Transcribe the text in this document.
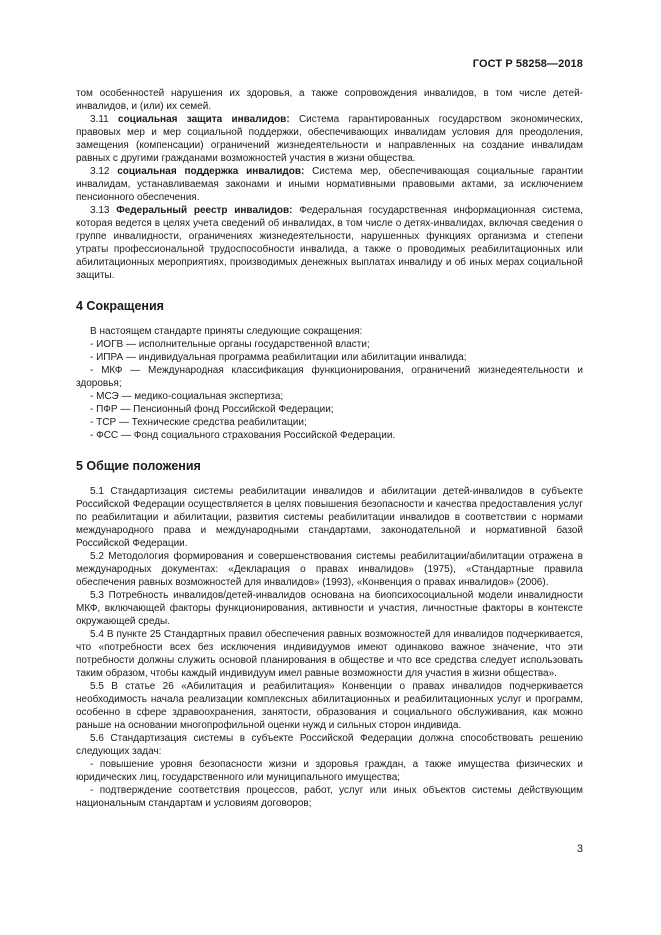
ГОСТ Р 58258—2018

том особенностей нарушения их здоровья, а также сопровождения инвалидов, в том числе детей-инвалидов, и (или) их семей.

3.11 социальная защита инвалидов: Система гарантированных государством экономических, правовых мер и мер социальной поддержки, обеспечивающих инвалидам условия для преодоления, замещения (компенсации) ограничений жизнедеятельности и направленных на создание инвалидам равных с другими гражданами возможностей участия в жизни общества.

3.12 социальная поддержка инвалидов: Система мер, обеспечивающая социальные гарантии инвалидам, устанавливаемая законами и иными нормативными правовыми актами, за исключением пенсионного обеспечения.

3.13 Федеральный реестр инвалидов: Федеральная государственная информационная система, которая ведется в целях учета сведений об инвалидах, в том числе о детях-инвалидах, включая сведения о группе инвалидности, ограничениях жизнедеятельности, нарушенных функциях организма и степени утраты профессиональной трудоспособности инвалида, а также о проводимых реабилитационных или абилитационных мероприятиях, производимых денежных выплатах инвалиду и об иных мерах социальной защиты.

4 Сокращения

В настоящем стандарте приняты следующие сокращения:

- ИОГВ — исполнительные органы государственной власти;

- ИПРА — индивидуальная программа реабилитации или абилитации инвалида;

- МКФ — Международная классификация функционирования, ограничений жизнедеятельности и здоровья;

- МСЭ — медико-социальная экспертиза;

- ПФР — Пенсионный фонд Российской Федерации;

- ТСР — Технические средства реабилитации;

- ФСС — Фонд социального страхования Российской Федерации.

5 Общие положения

5.1 Стандартизация системы реабилитации инвалидов и абилитации детей-инвалидов в субъекте Российской Федерации осуществляется в целях повышения безопасности и качества предоставления услуг по реабилитации и абилитации, развития системы реабилитации инвалидов в соответствии с нормами международного права и международными стандартами, законодательной и нормативной базой Российской Федерации.

5.2 Методология формирования и совершенствования системы реабилитации/абилитации отражена в международных документах: «Декларация о правах инвалидов» (1975), «Стандартные правила обеспечения равных возможностей для инвалидов» (1993), «Конвенция о правах инвалидов» (2006).

5.3 Потребность инвалидов/детей-инвалидов основана на биопсихосоциальной модели инвалидности МКФ, включающей факторы функционирования, активности и участия, личностные факторы в контексте окружающей среды.

5.4 В пункте 25 Стандартных правил обеспечения равных возможностей для инвалидов подчеркивается, что «потребности всех без исключения индивидуумов имеют одинаково важное значение, что эти потребности должны служить основой планирования в обществе и что все средства следует использовать таким образом, чтобы каждый индивидуум имел равные возможности для участия в жизни общества».

5.5 В статье 26 «Абилитация и реабилитация» Конвенции о правах инвалидов подчеркивается необходимость начала реализации комплексных абилитационных и реабилитационных услуг и программ, особенно в сфере здравоохранения, занятости, образования и социального обслуживания, как можно раньше на основании многопрофильной оценки нужд и сильных сторон индивида.

5.6 Стандартизация системы в субъекте Российской Федерации должна способствовать решению следующих задач:

- повышение уровня безопасности жизни и здоровья граждан, а также имущества физических и юридических лиц, государственного или муниципального имущества;

- подтверждение соответствия процессов, работ, услуг или иных объектов системы действующим национальным стандартам и условиям договоров;

3
